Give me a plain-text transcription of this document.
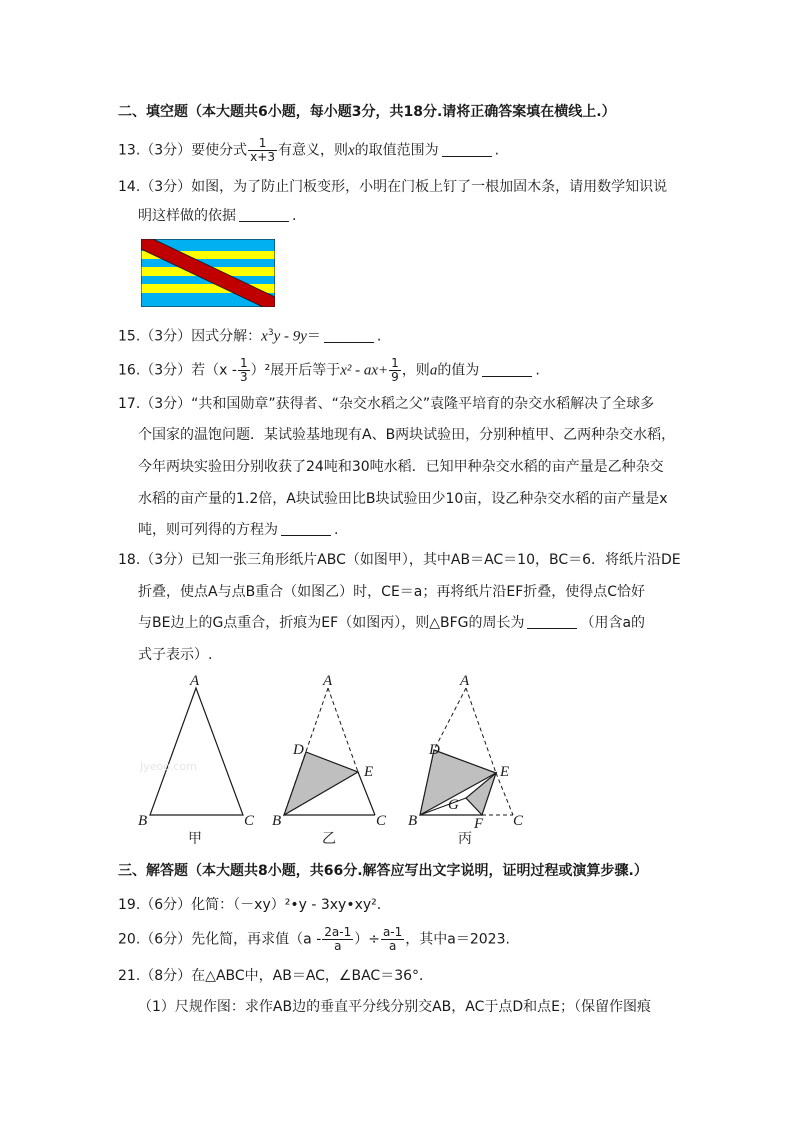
二、填空题（本大题共6小题，每小题3分，共18分.请将正确答案填在横线上.）
13.（3分）要使分式 $\frac{1}{x+3}$ 有意义，则x的取值范围为	.
14.（3分）如图，为了防止门板变形，小明在门板上钉了一根加固木条，请用数学知识说
明这样做的依据	.
15.（3分）因式分解：$x^3y - 9y=$	.
16.（3分）若$(x - \frac{1}{3} )^2$展开后等于$x^2 - ax+ \frac{1}{9}$ ，则a的值为	.
17.（3分）“共和国勋章”获得者、“杂交水稻之父”袁隆平培育的杂交水稻解决了全球多
个国家的温饱问题．某试验基地现有A、B两块试验田，分别种植甲、乙两种杂交水稻，
今年两块实验田分别收获了24吨和30吨水稻．已知甲种杂交水稻的亩产量是乙种杂交
水稻的亩产量的1.2倍，A块试验田比B块试验田少10亩，设乙种杂交水稻的亩产量是x
吨，则可列得的方程为	.
18.（3分）已知一张三角形纸片ABC（如图甲），其中AB＝AC＝10，BC＝6．将纸片沿DE
折叠，使点A与点B重合（如图乙）时，CE＝a；再将纸片沿EF折叠，使得点C恰好
与BE边上的G点重合，折痕为EF（如图丙），则△BFG的周长为	（用含a的
式子表示）.
A
B	C
甲
A
D
E
B	C
乙
A
D
E
G
B	F C
丙
Jyeoo.com
三、解答题（本大题共8小题，共66分.解答应写出文字说明，证明过程或演算步骤.）
19.（6分）化简：（－xy）²•y - 3xy•xy².
20.（6分）先化简，再求值（$a - \frac{2a-1}{a}$ ）÷ $\frac{a-1}{a}$ ，其中a＝2023.
21.（8分）在△ABC中，AB＝AC，∠BAC＝36°．
（1）尺规作图：求作AB边的垂直平分线分别交AB，AC于点D和点E；（保留作图痕
